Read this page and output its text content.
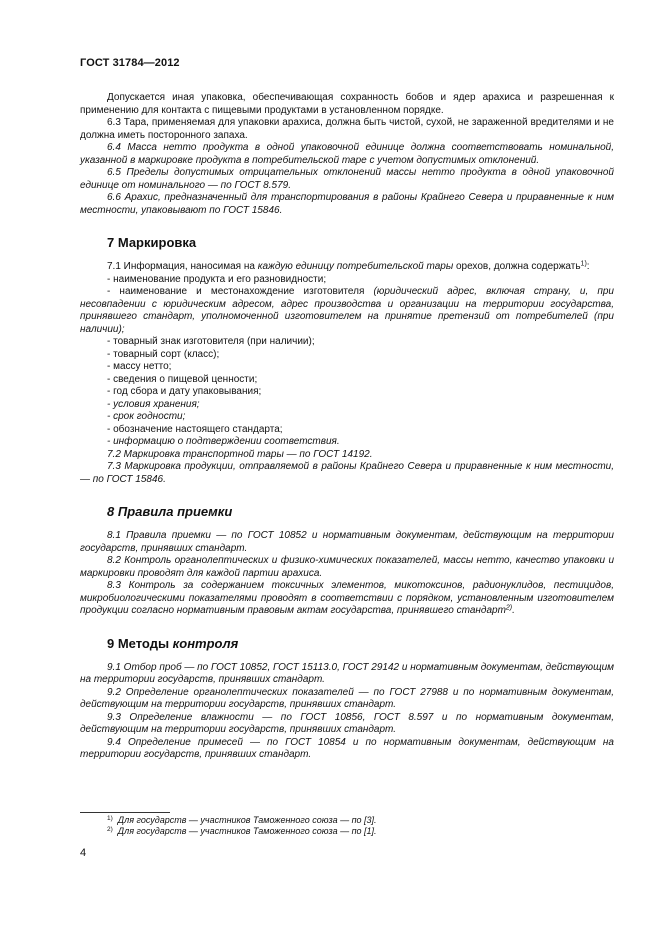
ГОСТ 31784—2012

Допускается иная упаковка, обеспечивающая сохранность бобов и ядер арахиса и разрешенная к применению для контакта с пищевыми продуктами в установленном порядке.

6.3 Тара, применяемая для упаковки арахиса, должна быть чистой, сухой, не зараженной вредителями и не должна иметь посторонного запаха.

6.4 Масса нетто продукта в одной упаковочной единице должна соответствовать номинальной, указанной в маркировке продукта в потребительской таре с учетом допустимых отклонений.

6.5 Пределы допустимых отрицательных отклонений массы нетто продукта в одной упаковочной единице от номинального — по ГОСТ 8.579.

6.6 Арахис, предназначенный для транспортирования в районы Крайнего Севера и приравненные к ним местности, упаковывают по ГОСТ 15846.

7 Маркировка

7.1 Информация, наносимая на каждую единицу потребительской тары орехов, должна содержать$^{1)}$:

- наименование продукта и его разновидности;

- наименование и местонахождение изготовителя (юридический адрес, включая страну, и, при несовпадении с юридическим адресом, адрес производства и организации на территории государства, принявшего стандарт, уполномоченной изготовителем на принятие претензий от потребителей (при наличии);

- товарный знак изготовителя (при наличии);

- товарный сорт (класс);

- массу нетто;

- сведения о пищевой ценности;

- год сбора и дату упаковывания;

- условия хранения;

- срок годности;

- обозначение настоящего стандарта;

- информацию о подтверждении соответствия.

7.2 Маркировка транспортной тары — по ГОСТ 14192.

7.3 Маркировка продукции, отправляемой в районы Крайнего Севера и приравненные к ним местности, — по ГОСТ 15846.

8 Правила приемки

8.1 Правила приемки — по ГОСТ 10852 и нормативным документам, действующим на территории государств, принявших стандарт.

8.2 Контроль органолептических и физико-химических показателей, массы нетто, качество упаковки и маркировки проводят для каждой партии арахиса.

8.3 Контроль за содержанием токсичных элементов, микотоксинов, радионуклидов, пестицидов, микробиологическими показателями проводят в соответствии с порядком, установленным изготовителем продукции согласно нормативным правовым актам государства, принявшего стандарт$^{2)}$.

9 Методы контроля

9.1 Отбор проб — по ГОСТ 10852, ГОСТ 15113.0, ГОСТ 29142 и нормативным документам, действующим на территории государств, принявших стандарт.

9.2 Определение органолептических показателей — по ГОСТ 27988 и по нормативным документам, действующим на территории государств, принявших стандарт.

9.3 Определение влажности — по ГОСТ 10856, ГОСТ 8.597 и по нормативным документам, действующим на территории государств, принявших стандарт.

9.4 Определение примесей — по ГОСТ 10854 и по нормативным документам, действующим на территории государств, принявших стандарт.

$^{1)}$ Для государств — участников Таможенного союза — по [3].

$^{2)}$ Для государств — участников Таможенного союза — по [1].

4
